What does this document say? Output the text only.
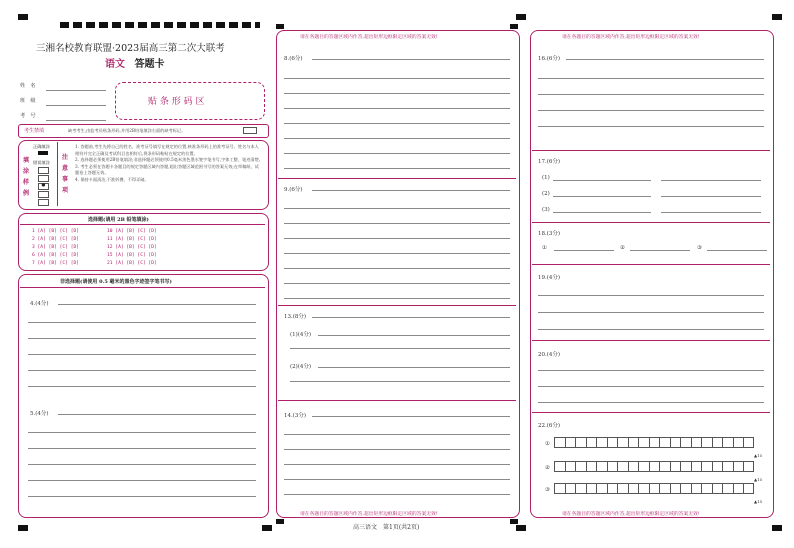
三湘名校教育联盟·2023届高三第二次大联考
语文 答题卡
姓　名
班　级
考　号
贴 条 形 码 区
考生禁填	缺考考生,由监考员贴条形码,并用2B铅笔填涂右面的缺考标记。
填
涂
样
例
正确填涂
错误填涂
●
注
意
事
项
1. 答题前,考生先将自己的姓名、准考证号填写在规定的位置,核准条形码上的准考证号、姓名与本人相符并完全正确及考试科目也相符后,将条形码粘贴在规定的位置。
2. 选择题必须使用2B铅笔填涂;非选择题必须使用0.5毫米黑色墨水签字笔书写,字体工整、笔迹清楚。
3. 考生必须在答题卡各题目的规定答题区域内答题,超出答题区域范围书写的答案无效;在草稿纸、试题卷上答题无效。
4. 保持卡面清洁,不准折叠、不得弄破。
选择题(请用 2B 铅笔填涂)
1 [A] [B] [C] [D]
2 [A] [B] [C] [D]
3 [A] [B] [C] [D]
6 [A] [B] [C] [D]
7 [A] [B] [C] [D]
10 [A] [B] [C] [D]
11 [A] [B] [C] [D]
12 [A] [B] [C] [D]
15 [A] [B] [C] [D]
21 [A] [B] [C] [D]
非选择题(请使用 0.5 毫米的黑色字迹签字笔书写)
4.(4分)
5.(4分)
请在各题目的答题区域内作答,超出矩形边框限定区域的答案无效!
请在各题目的答题区域内作答,超出矩形边框限定区域的答案无效!
8.(6分)
9.(6分)
13.(8分)
(1)(4分)
(2)(4分)
14.(3分)
高三语文　第1页(共2页)
请在各题目的答题区域内作答,超出矩形边框限定区域的答案无效!
请在各题目的答题区域内作答,超出矩形边框限定区域的答案无效!
16.(6分)
17.(6分)
(1)
(2)
(3)
18.(3分)
①	②	③
19.(4分)
20.(4分)
22.(6分)
①
②
③
▲15
▲15
▲15
